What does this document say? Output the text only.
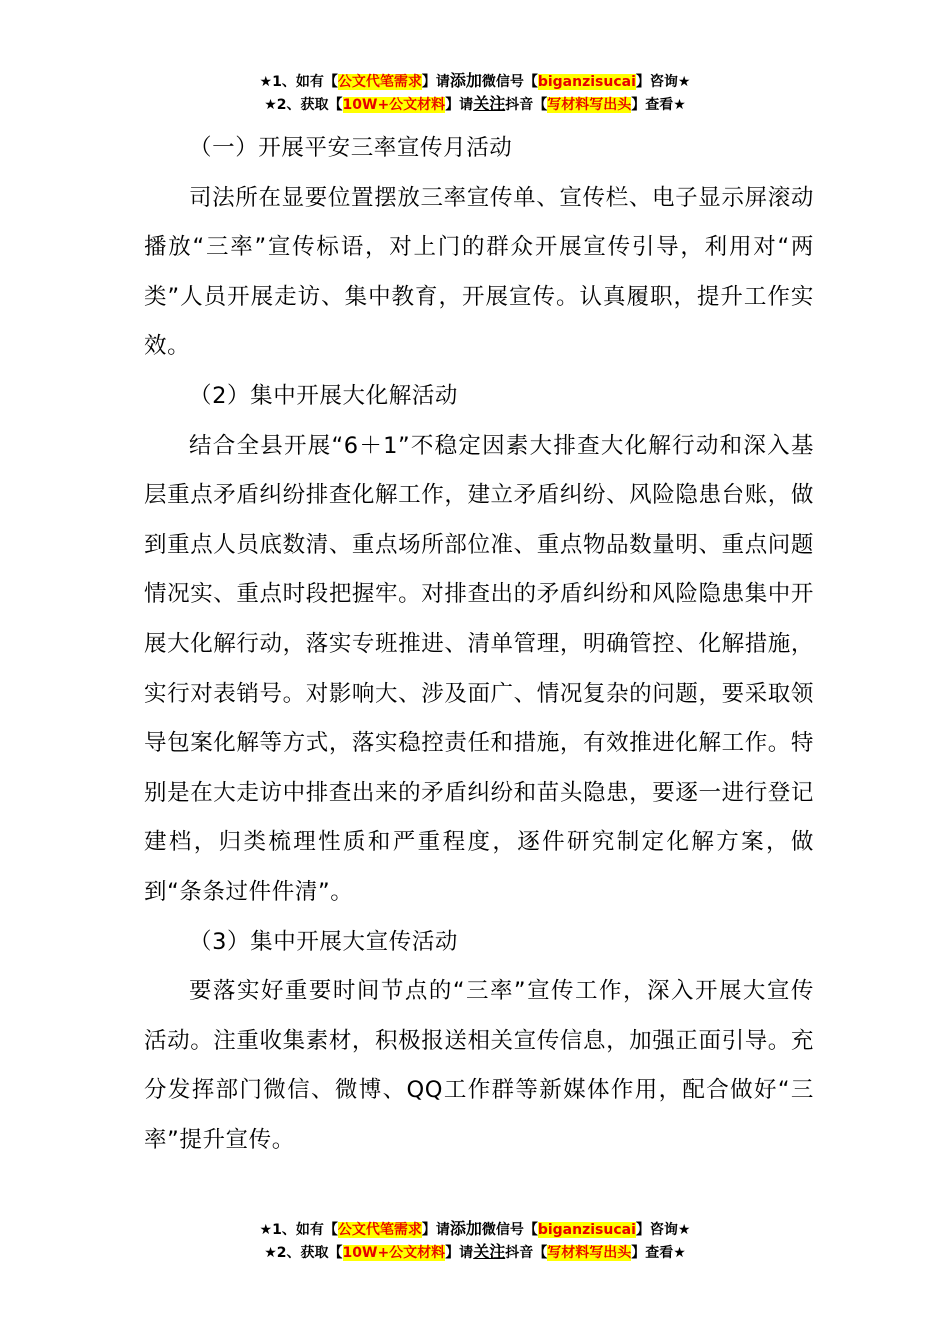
★1、如有【公文代笔需求】请添加微信号【biganzisucai】咨询★
★2、获取【10W+公文材料】请关注抖音【写材料写出头】查看★

（一）开展平安三率宣传月活动

司法所在显要位置摆放三率宣传单、宣传栏、电子显示屏滚动播放“三率”宣传标语，对上门的群众开展宣传引导，利用对“两类”人员开展走访、集中教育，开展宣传。认真履职，提升工作实效。

（2）集中开展大化解活动

结合全县开展“6＋1”不稳定因素大排查大化解行动和深入基层重点矛盾纠纷排查化解工作，建立矛盾纠纷、风险隐患台账，做到重点人员底数清、重点场所部位准、重点物品数量明、重点问题情况实、重点时段把握牢。对排查出的矛盾纠纷和风险隐患集中开展大化解行动，落实专班推进、清单管理，明确管控、化解措施，实行对表销号。对影响大、涉及面广、情况复杂的问题，要采取领导包案化解等方式，落实稳控责任和措施，有效推进化解工作。特别是在大走访中排查出来的矛盾纠纷和苗头隐患，要逐一进行登记建档，归类梳理性质和严重程度，逐件研究制定化解方案，做到“条条过件件清”。

（3）集中开展大宣传活动

要落实好重要时间节点的“三率”宣传工作，深入开展大宣传活动。注重收集素材，积极报送相关宣传信息，加强正面引导。充分发挥部门微信、微博、QQ工作群等新媒体作用，配合做好“三率”提升宣传。

★1、如有【公文代笔需求】请添加微信号【biganzisucai】咨询★
★2、获取【10W+公文材料】请关注抖音【写材料写出头】查看★
